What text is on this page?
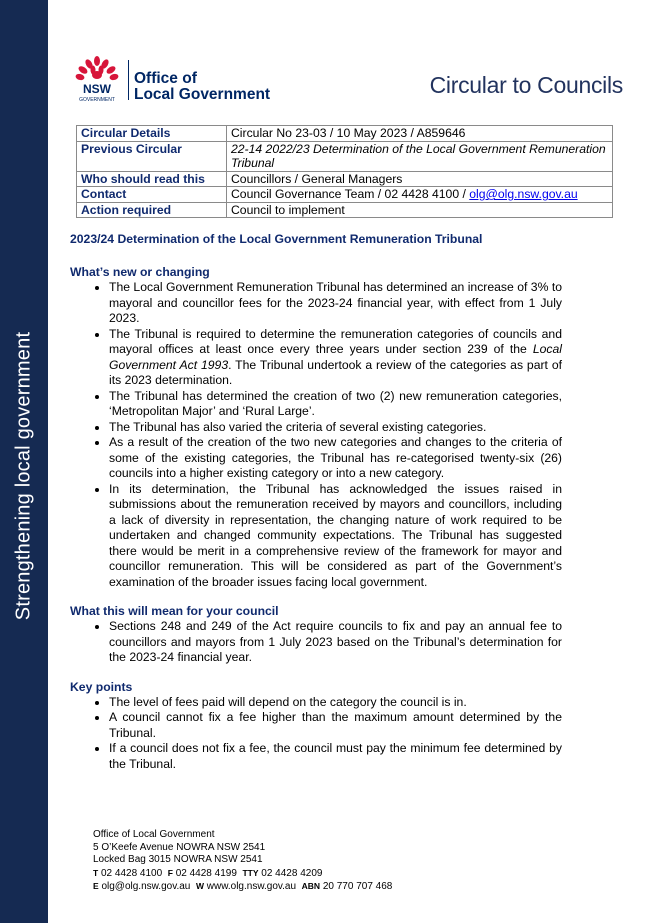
Strengthening local government
NSW
GOVERNMENT
Office of
Local Government	Circular to Councils
Circular Details	Circular No 23-03 / 10 May 2023 / A859646
Previous Circular	22-14 2022/23 Determination of the Local Government Remuneration Tribunal
Who should read this	Councillors / General Managers
Contact	Council Governance Team / 02 4428 4100 / olg@olg.nsw.gov.au
Action required	Council to implement

2023/24 Determination of the Local Government Remuneration Tribunal

What’s new or changing

• The Local Government Remuneration Tribunal has determined an increase of 3% to mayoral and councillor fees for the 2023-24 financial year, with effect from 1 July 2023.
• The Tribunal is required to determine the remuneration categories of councils and mayoral offices at least once every three years under section 239 of the Local Government Act 1993. The Tribunal undertook a review of the categories as part of its 2023 determination.
• The Tribunal has determined the creation of two (2) new remuneration categories, ‘Metropolitan Major’ and ‘Rural Large’.
• The Tribunal has also varied the criteria of several existing categories.
• As a result of the creation of the two new categories and changes to the criteria of some of the existing categories, the Tribunal has re-categorised twenty-six (26) councils into a higher existing category or into a new category.
• In its determination, the Tribunal has acknowledged the issues raised in submissions about the remuneration received by mayors and councillors, including a lack of diversity in representation, the changing nature of work required to be undertaken and changed community expectations. The Tribunal has suggested there would be merit in a comprehensive review of the framework for mayor and councillor remuneration. This will be considered as part of the Government’s examination of the broader issues facing local government.

What this will mean for your council

• Sections 248 and 249 of the Act require councils to fix and pay an annual fee to councillors and mayors from 1 July 2023 based on the Tribunal’s determination for the 2023-24 financial year.

Key points

• The level of fees paid will depend on the category the council is in.
• A council cannot fix a fee higher than the maximum amount determined by the Tribunal.
• If a council does not fix a fee, the council must pay the minimum fee determined by the Tribunal.
Office of Local Government
5 O’Keefe Avenue NOWRA NSW 2541
Locked Bag 3015 NOWRA NSW 2541
T 02 4428 4100 F 02 4428 4199 TTY 02 4428 4209
E olg@olg.nsw.gov.au W www.olg.nsw.gov.au ABN 20 770 707 468
